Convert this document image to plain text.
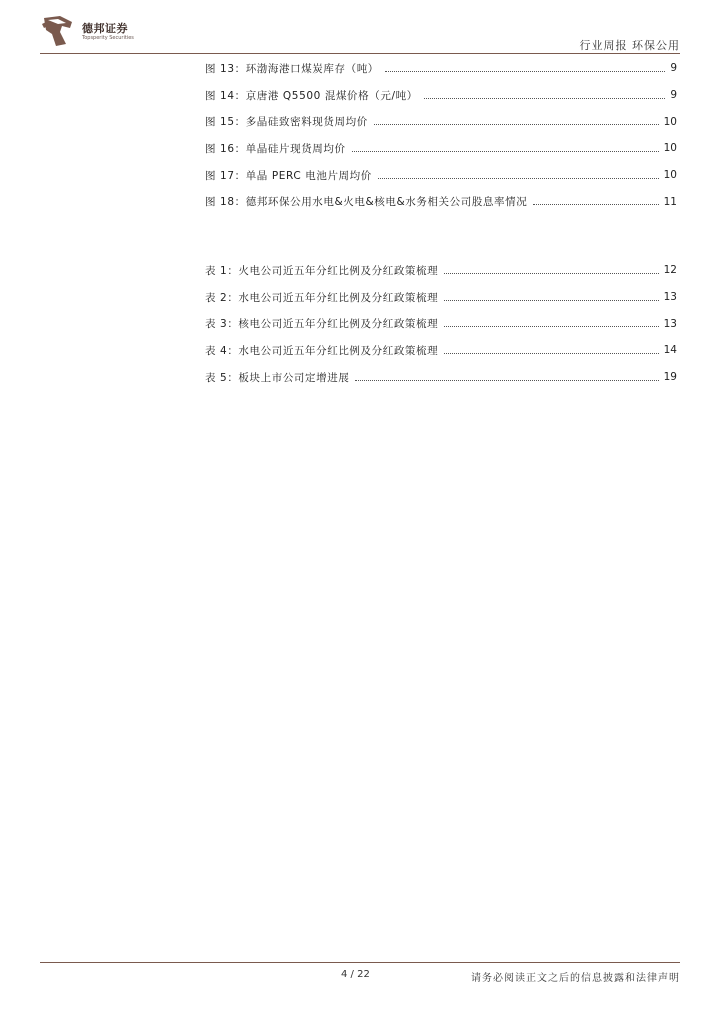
德邦证券
Topsperity Securities
行业周报 环保公用
图 13：环渤海港口煤炭库存（吨）	9
图 14：京唐港 Q5500 混煤价格（元/吨）	9
图 15：多晶硅致密料现货周均价	10
图 16：单晶硅片现货周均价	10
图 17：单晶 PERC 电池片周均价	10
图 18：德邦环保公用水电&火电&核电&水务相关公司股息率情况	11
表 1：火电公司近五年分红比例及分红政策梳理	12
表 2：水电公司近五年分红比例及分红政策梳理	13
表 3：核电公司近五年分红比例及分红政策梳理	13
表 4：水电公司近五年分红比例及分红政策梳理	14
表 5：板块上市公司定增进展	19
4 / 22	请务必阅读正文之后的信息披露和法律声明
